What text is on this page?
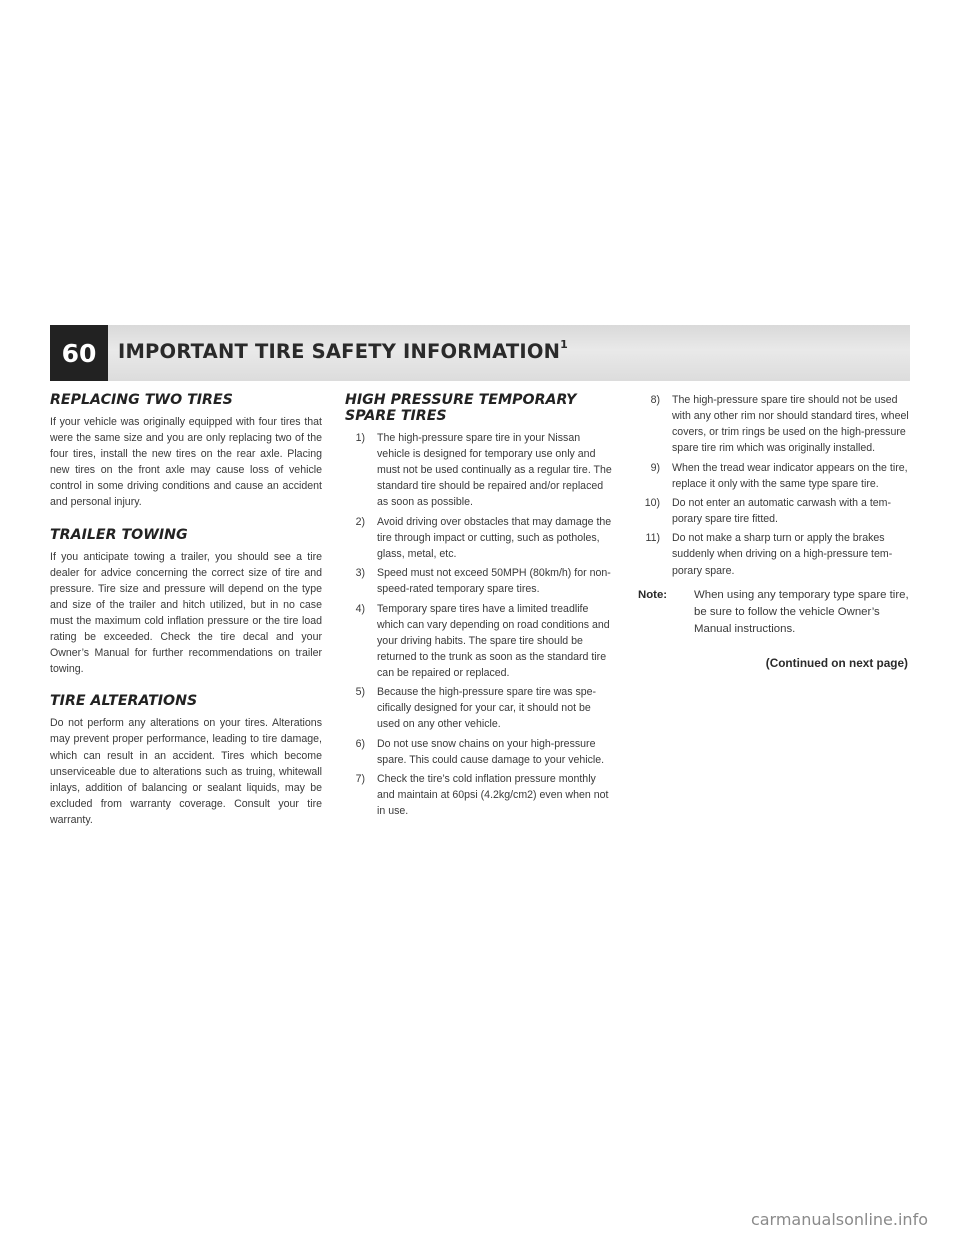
60	IMPORTANT TIRE SAFETY INFORMATION$^1$
REPLACING TWO TIRES

If your vehicle was originally equipped with four tires that were the same size and you are only replacing two of the four tires, install the new tires on the rear axle. Placing new tires on the front axle may cause loss of vehicle control in some driving conditions and cause an accident and personal injury.

TRAILER TOWING

If you anticipate towing a trailer, you should see a tire dealer for advice concerning the correct size of tire and pressure. Tire size and pressure will depend on the type and size of the trailer and hitch utilized, but in no case must the maximum cold inflation pressure or the tire load rating be exceeded. Check the tire decal and your Owner’s Manual for further recommendations on trailer towing.

TIRE ALTERATIONS

Do not perform any alterations on your tires. Alterations may prevent proper performance, leading to tire damage, which can result in an accident. Tires which become unserviceable due to alterations such as truing, whitewall inlays, addition of balancing or sealant liquids, may be excluded from warranty coverage. Consult your tire warranty.

HIGH PRESSURE TEMPORARY SPARE TIRES
1)	The high-pressure spare tire in your Nissan vehicle is designed for temporary use only and must not be used continually as a regular tire. The standard tire should be repaired and/or replaced as soon as possible.
2)	Avoid driving over obstacles that may damage the tire through impact or cutting, such as potholes, glass, metal, etc.
3)	Speed must not exceed 50MPH (80km/h) for non-speed-rated temporary spare tires.
4)	Temporary spare tires have a limited treadlife which can vary depending on road conditions and your driving habits. The spare tire should be returned to the trunk as soon as the standard tire can be repaired or replaced.
5)	Because the high-pressure spare tire was specifically designed for your car, it should not be used on any other vehicle.
6)	Do not use snow chains on your high-pressure spare. This could cause damage to your vehicle.
7)	Check the tire’s cold inflation pressure monthly and maintain at 60psi (4.2kg/cm2) even when not in use.
8)	The high-pressure spare tire should not be used with any other rim nor should standard tires, wheel covers, or trim rings be used on the high-pressure spare tire rim which was originally installed.
9)	When the tread wear indicator appears on the tire, replace it only with the same type spare tire.
10)	Do not enter an automatic carwash with a temporary spare tire fitted.
11)	Do not make a sharp turn or apply the brakes suddenly when driving on a high-pressure temporary spare.
Note:	When using any temporary type spare tire, be sure to follow the vehicle Owner’s Manual instructions.
(Continued on next page)
carmanualsonline.info
